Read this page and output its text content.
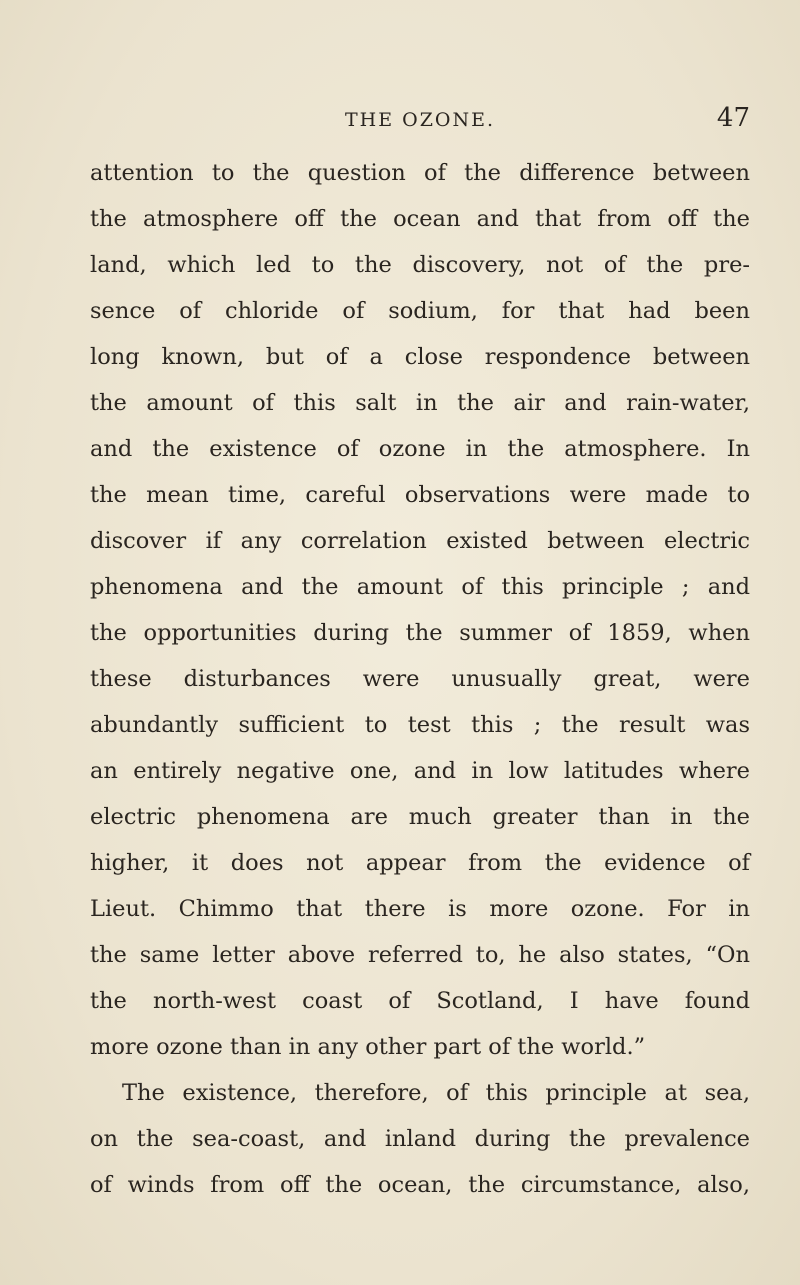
THE OZONE.	47
attention to the question of the difference between
the atmosphere off the ocean and that from off the
land, which led to the discovery, not of the pre-
sence of chloride of sodium, for that had been
long known, but of a close respondence between
the amount of this salt in the air and rain-water,
and the existence of ozone in the atmosphere. In
the mean time, careful observations were made to
discover if any correlation existed between electric
phenomena and the amount of this principle ; and
the opportunities during the summer of 1859, when
these disturbances were unusually great, were
abundantly sufficient to test this ; the result was
an entirely negative one, and in low latitudes where
electric phenomena are much greater than in the
higher, it does not appear from the evidence of
Lieut. Chimmo that there is more ozone. For in
the same letter above referred to, he also states, “On
the north-west coast of Scotland, I have found
more ozone than in any other part of the world.”
The existence, therefore, of this principle at sea,
on the sea-coast, and inland during the prevalence
of winds from off the ocean, the circumstance, also,
